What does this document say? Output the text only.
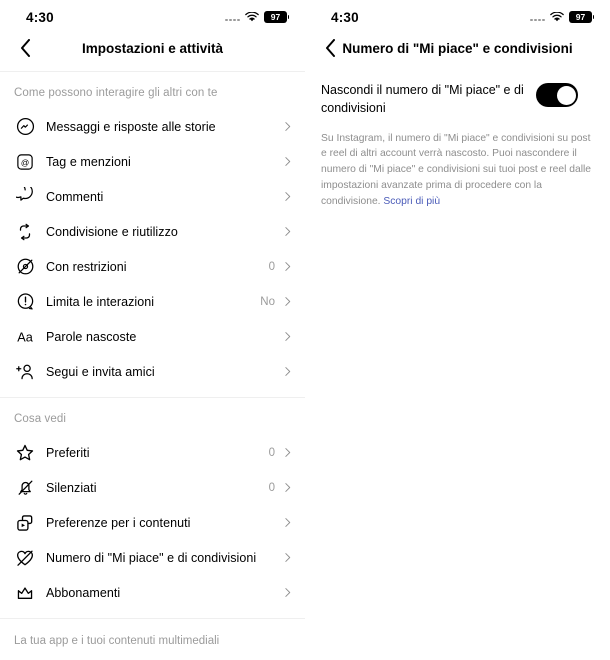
4:30	97
Impostazioni e attività
Come possono interagire gli altri con te
Messaggi e risposte alle storie
@ Tag e menzioni
Commenti
Condivisione e riutilizzo
Con restrizioni	0
Limita le interazioni	No
Aa Parole nascoste
Segui e invita amici
Cosa vedi
Preferiti	0
Silenziati	0
Preferenze per i contenuti
Numero di "Mi piace" e di condivisioni
Abbonamenti
La tua app e i tuoi contenuti multimediali
4:30	97
Numero di "Mi piace" e condivisioni
Nascondi il numero di "Mi piace" e di condivisioni
Su Instagram, il numero di "Mi piace" e condivisioni su post e reel di altri account verrà nascosto. Puoi nascondere il numero di "Mi piace" e condivisioni sui tuoi post e reel dalle impostazioni avanzate prima di procedere con la condivisione. Scopri di più
